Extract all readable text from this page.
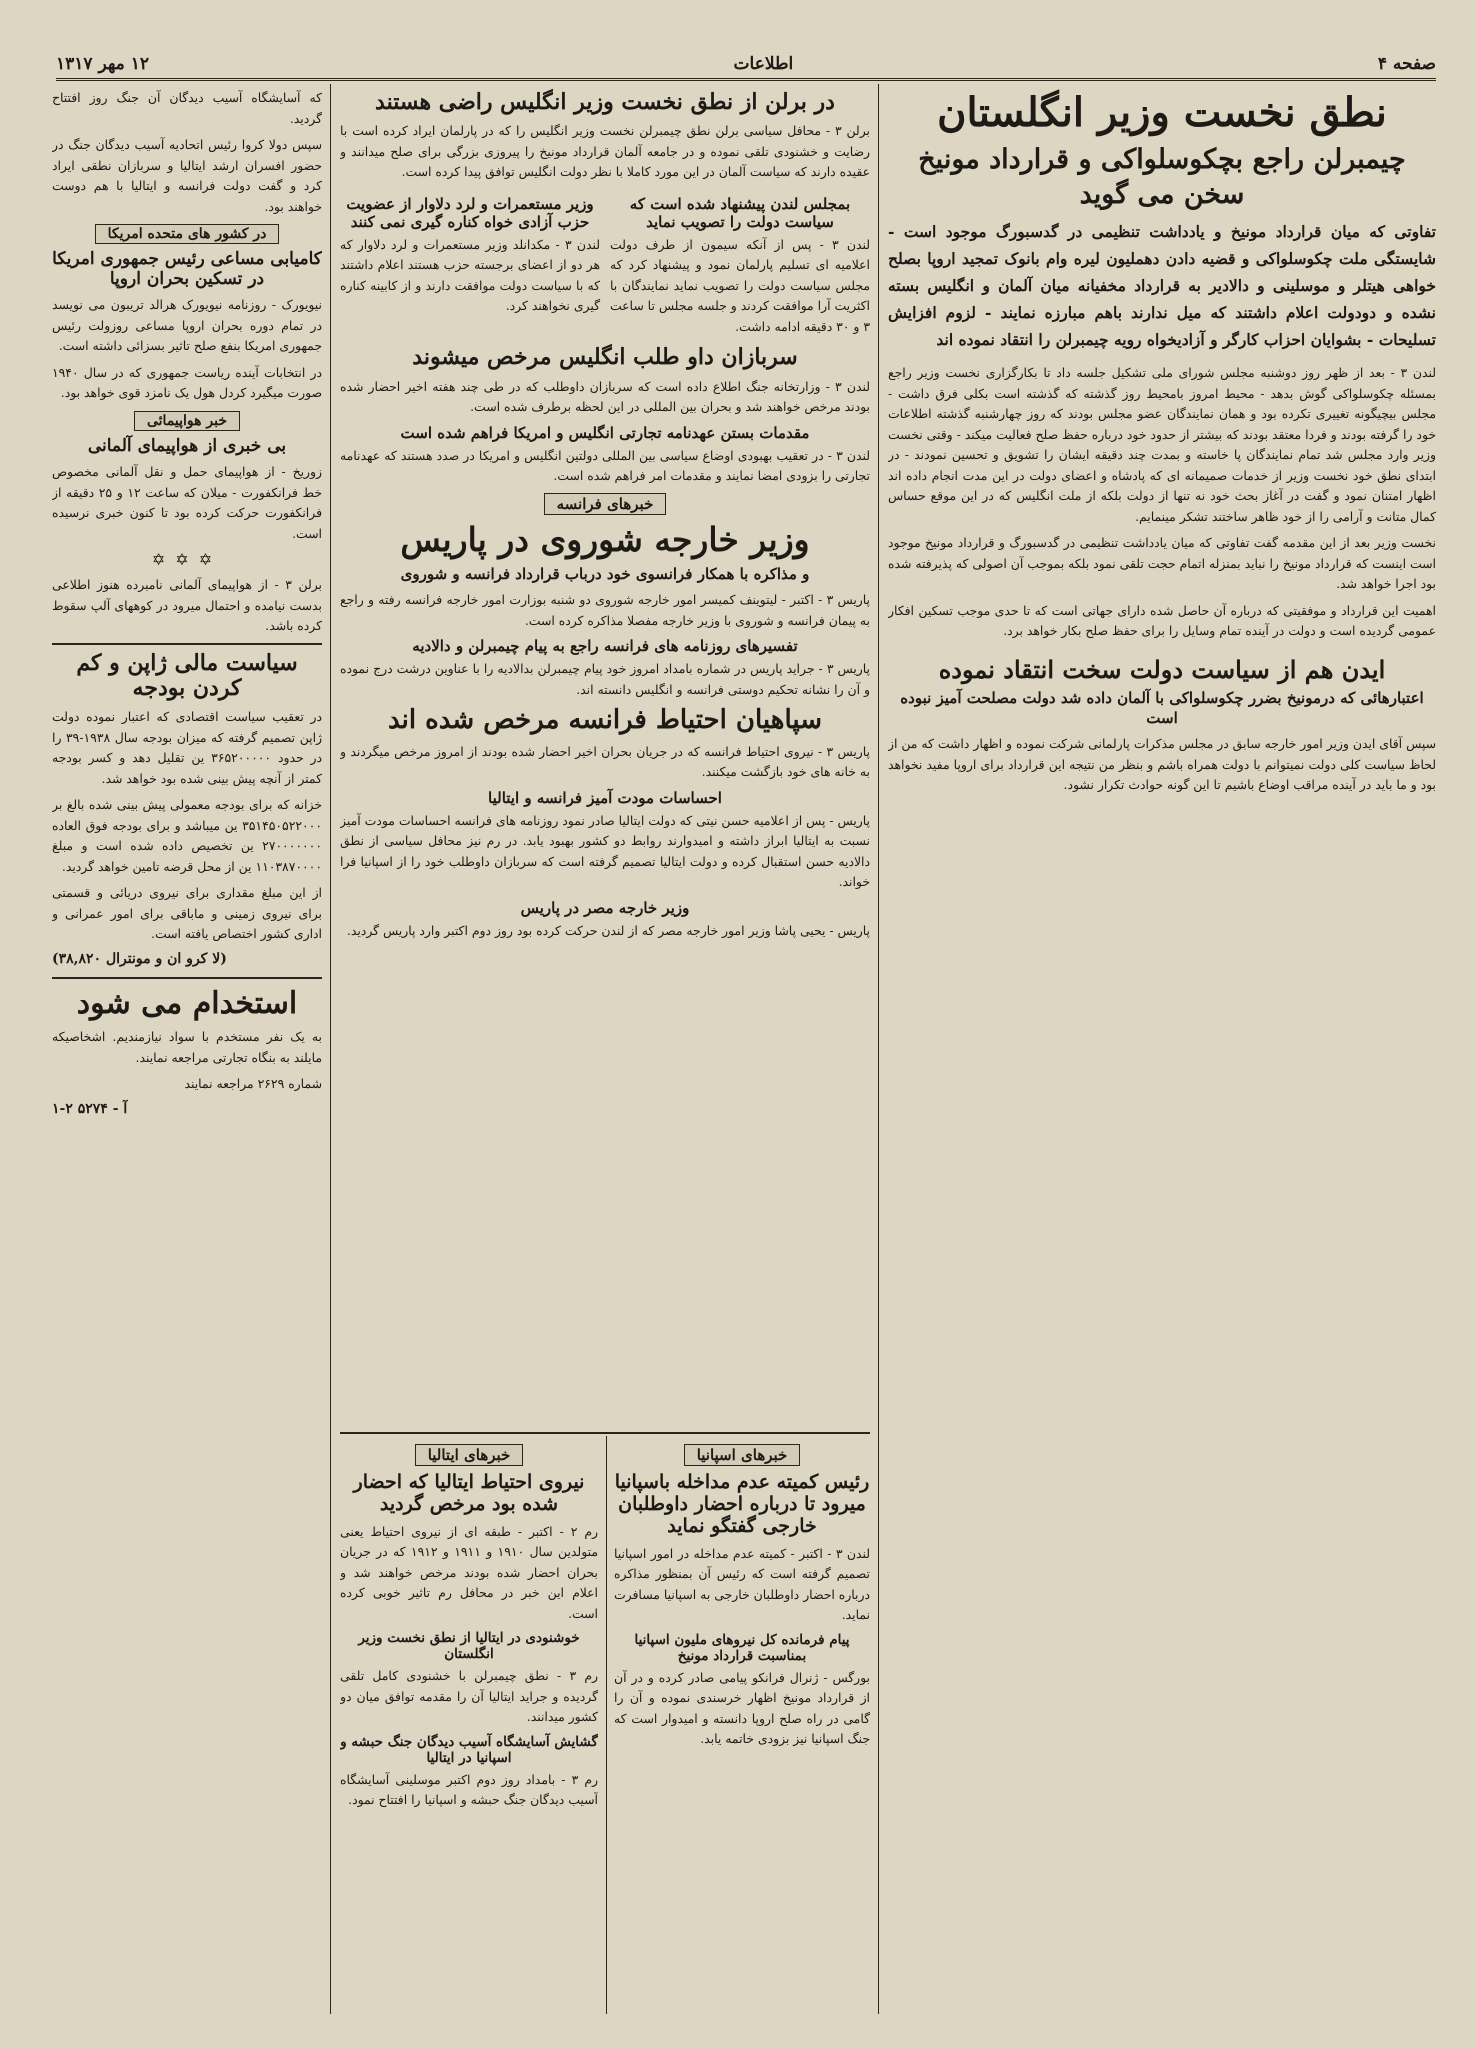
صفحه ۴
اطلاعات
۱۲ مهر ۱۳۱۷
نطق نخست وزیر انگلستان
چیمبرلن راجع بچکوسلواکی و قرارداد مونیخ سخن می گوید
تفاوتی که میان قرارداد مونیخ و یادداشت تنظیمی در گدسبورگ موجود است - شایستگی ملت چکوسلواکی و قضیه دادن دهملیون لیره وام بانوک تمجید اروپا بصلح خواهی هیتلر و موسلینی و دالادیر به قرارداد مخفیانه میان آلمان و انگلیس بسته نشده و دودولت اعلام داشتند که میل ندارند باهم مبارزه نمایند - لزوم افزایش تسلیحات - بشوایان احزاب کارگر و آزادیخواه رویه چیمبرلن را انتقاد نموده اند

لندن ۳ - بعد از ظهر روز دوشنبه مجلس شورای ملی تشکیل جلسه داد تا بکارگزاری نخست وزیر راجع بمسئله چکوسلواکی گوش بدهد - محیط امروز بامحیط روز گذشته که گذشته است بکلی فرق داشت - مجلس بیچیگونه تغییری تکرده بود و همان نمایندگان عضو مجلس بودند که روز چهارشنبه گذشته اطلاعات خود را گرفته بودند و فردا معتقد بودند که بیشتر از حدود خود درباره حفظ صلح فعالیت میکند - وقتی نخست وزیر وارد مجلس شد تمام نمایندگان پا خاسته و بمدت چند دقیقه ایشان را تشویق و تحسین نمودند - در ابتدای نطق خود نخست وزیر از خدمات صمیمانه ای که پادشاه و اعضای دولت در این مدت انجام داده اند اظهار امتنان نمود و گفت در آغاز بحث خود نه تنها از دولت بلکه از ملت انگلیس که در این موقع حساس کمال متانت و آرامی را از خود ظاهر ساختند تشکر مینمایم.

نخست وزیر بعد از این مقدمه گفت تفاوتی که میان یادداشت تنظیمی در گدسبورگ و قرارداد مونیخ موجود است اینست که قرارداد مونیخ را نباید بمنزله اتمام حجت تلقی نمود بلکه بموجب آن اصولی که پذیرفته شده بود اجرا خواهد شد.

اهمیت این قرارداد و موفقیتی که درباره آن حاصل شده دارای جهاتی است که تا حدی موجب تسکین افکار عمومی گردیده است و دولت در آینده تمام وسایل را برای حفظ صلح بکار خواهد برد.

ایدن هم از سیاست دولت سخت انتقاد نموده
اعتبارهائی که درمونیخ بضرر چکوسلواکی با آلمان داده شد دولت مصلحت آمیز نبوده است

سپس آقای ایدن وزیر امور خارجه سابق در مجلس مذکرات پارلمانی شرکت نموده و اظهار داشت که من از لحاظ سیاست کلی دولت نمیتوانم با دولت همراه باشم و بنظر من نتیجه این قرارداد برای اروپا مفید نخواهد بود و ما باید در آینده مراقب اوضاع باشیم تا این گونه حوادث تکرار نشود.

در برلن از نطق نخست وزیر انگلیس راضی هستند

برلن ۳ - محافل سیاسی برلن نطق چیمبرلن نخست وزیر انگلیس را که در پارلمان ایراد کرده است با رضایت و خشنودی تلقی نموده و در جامعه آلمان قرارداد مونیخ را پیروزی بزرگی برای صلح میدانند و عقیده دارند که سیاست آلمان در این مورد کاملا با نظر دولت انگلیس توافق پیدا کرده است.

بمجلس لندن پیشنهاد شده است که سیاست دولت را تصویب نماید

لندن ۳ - پس از آنکه سیمون از طرف دولت اعلامیه ای تسلیم پارلمان نمود و پیشنهاد کرد که مجلس سیاست دولت را تصویب نماید نمایندگان با اکثریت آرا موافقت کردند و جلسه مجلس تا ساعت ۳ و ۳۰ دقیقه ادامه داشت.

وزیر مستعمرات و لرد دلاوار از عضویت حزب آزادی خواه کناره گیری نمی کنند

لندن ۳ - مکدانلد وزیر مستعمرات و لرد دلاوار که هر دو از اعضای برجسته حزب هستند اعلام داشتند که با سیاست دولت موافقت دارند و از کابینه کناره گیری نخواهند کرد.

سربازان داو طلب انگلیس مرخص میشوند

لندن ۳ - وزارتخانه جنگ اطلاع داده است که سربازان داوطلب که در طی چند هفته اخیر احضار شده بودند مرخص خواهند شد و بحران بین المللی در این لحظه برطرف شده است.

مقدمات بستن عهدنامه تجارتی انگلیس و امریکا فراهم شده است

لندن ۳ - در تعقیب بهبودی اوضاع سیاسی بین المللی دولتین انگلیس و امریکا در صدد هستند که عهدنامه تجارتی را بزودی امضا نمایند و مقدمات امر فراهم شده است.

خبرهای فرانسه
وزیر خارجه شوروی در پاریس
و مذاکره با همکار فرانسوی خود درباب قرارداد فرانسه و شوروی

پاریس ۳ - اکتبر - لیتوینف کمیسر امور خارجه شوروی دو شنبه بوزارت امور خارجه فرانسه رفته و راجع به پیمان فرانسه و شوروی با وزیر خارجه مفصلا مذاکره کرده است.

تفسیرهای روزنامه های فرانسه راجع به پیام چیمبرلن و دالادیه

پاریس ۳ - جراید پاریس در شماره بامداد امروز خود پیام چیمبرلن بدالادیه را با عناوین درشت درج نموده و آن را نشانه تحکیم دوستی فرانسه و انگلیس دانسته اند.

سپاهیان احتیاط فرانسه مرخص شده اند

پاریس ۳ - نیروی احتیاط فرانسه که در جریان بحران اخیر احضار شده بودند از امروز مرخص میگردند و به خانه های خود بازگشت میکنند.

احساسات مودت آمیز فرانسه و ایتالیا

پاریس - پس از اعلامیه حسن نیتی که دولت ایتالیا صادر نمود روزنامه های فرانسه احساسات مودت آمیز نسبت به ایتالیا ابراز داشته و امیدوارند روابط دو کشور بهبود یابد. در رم نیز محافل سیاسی از نطق دالادیه حسن استقبال کرده و دولت ایتالیا تصمیم گرفته است که سربازان داوطلب خود را از اسپانیا فرا خواند.

وزیر خارجه مصر در پاریس

پاریس - یحیی پاشا وزیر امور خارجه مصر که از لندن حرکت کرده بود روز دوم اکتبر وارد پاریس گردید.

خبرهای اسپانیا
رئیس کمیته عدم مداخله باسپانیا میرود تا درباره احضار داوطلبان خارجی گفتگو نماید

لندن ۳ - اکتبر - کمیته عدم مداخله در امور اسپانیا تصمیم گرفته است که رئیس آن بمنظور مذاکره درباره احضار داوطلبان خارجی به اسپانیا مسافرت نماید.

پیام فرمانده کل نیروهای ملیون اسپانیا بمناسبت قرارداد مونیخ

بورگس - ژنرال فرانکو پیامی صادر کرده و در آن از قرارداد مونیخ اظهار خرسندی نموده و آن را گامی در راه صلح اروپا دانسته و امیدوار است که جنگ اسپانیا نیز بزودی خاتمه یابد.

خبرهای ایتالیا
نیروی احتیاط ایتالیا که احضار شده بود مرخص گردید

رم ۲ - اکتبر - طبقه ای از نیروی احتیاط یعنی متولدین سال ۱۹۱۰ و ۱۹۱۱ و ۱۹۱۲ که در جریان بحران احضار شده بودند مرخص خواهند شد و اعلام این خبر در محافل رم تاثیر خوبی کرده است.

خوشنودی در ایتالیا از نطق نخست وزیر انگلستان

رم ۳ - نطق چیمبرلن با خشنودی کامل تلقی گردیده و جراید ایتالیا آن را مقدمه توافق میان دو کشور میدانند.

گشایش آسایشگاه آسیب دیدگان جنگ حبشه و اسپانیا در ایتالیا

رم ۳ - بامداد روز دوم اکتبر موسلینی آسایشگاه آسیب دیدگان جنگ حبشه و اسپانیا را افتتاح نمود.

که آسایشگاه آسیب دیدگان آن جنگ روز افتتاح گردید.

سپس دولا کروا رئیس اتحادیه آسیب دیدگان جنگ در حضور افسران ارشد ایتالیا و سربازان نطقی ایراد کرد و گفت دولت فرانسه و ایتالیا با هم دوست خواهند بود.

در کشور های متحده امریکا
کامیابی مساعی رئیس جمهوری امریکا در تسکین بحران اروپا

نیویورک - روزنامه نیویورک هرالد تریبون می نویسد در تمام دوره بحران اروپا مساعی روزولت رئیس جمهوری امریکا بنفع صلح تاثیر بسزائی داشته است.

در انتخابات آینده ریاست جمهوری که در سال ۱۹۴۰ صورت میگیرد کردل هول یک نامزد قوی خواهد بود.

خبر هواپیمائی
بی خبری از هواپیمای آلمانی

زوریخ - از هواپیمای حمل و نقل آلمانی مخصوص خط فرانکفورت - میلان که ساعت ۱۲ و ۲۵ دقیقه از فرانکفورت حرکت کرده بود تا کنون خبری نرسیده است.

✡✡✡

برلن ۳ - از هواپیمای آلمانی نامبرده هنوز اطلاعی بدست نیامده و احتمال میرود در کوههای آلپ سقوط کرده باشد.

سیاست مالی ژاپن و کم کردن بودجه

در تعقیب سیاست اقتصادی که اعتبار نموده دولت ژاپن تصمیم گرفته که میزان بودجه سال ۱۹۳۸-۳۹ را در حدود ۳۶۵۲۰۰۰۰۰ ین تقلیل دهد و کسر بودجه کمتر از آنچه پیش بینی شده بود خواهد شد.

خزانه که برای بودجه معمولی پیش بینی شده بالغ بر ۳۵۱۴۵۰۵۲۲۰۰۰ ین میباشد و برای بودجه فوق العاده ۲۷۰۰۰۰۰۰۰ ین تخصیص داده شده است و مبلغ ۱۱۰۳۸۷۰۰۰۰ ین از محل قرضه تامین خواهد گردید.

از این مبلغ مقداری برای نیروی دریائی و قسمتی برای نیروی زمینی و ماباقی برای امور عمرانی و اداری کشور اختصاص یافته است.

(۳۸,۸۲۰ لا کرو ان و مونترال)
استخدام می شود

به یک نفر مستخدم با سواد نیازمندیم. اشخاصیکه مایلند به بنگاه تجارتی مراجعه نمایند.

شماره ۲۶۲۹ مراجعه نمایند

آ - ۵۲۷۴ ۲-۱
